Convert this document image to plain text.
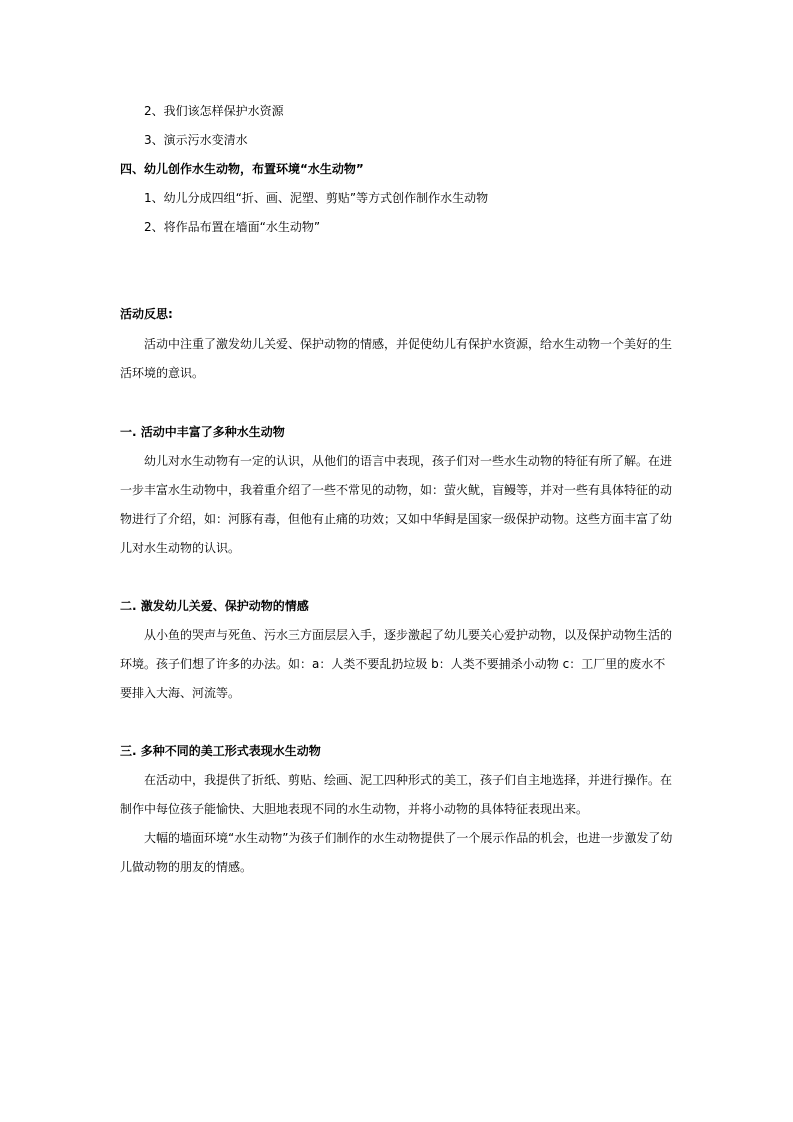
2、我们该怎样保护水资源
3、演示污水变清水
四、幼儿创作水生动物，布置环境“水生动物”
1、幼儿分成四组“折、画、泥塑、剪贴”等方式创作制作水生动物
2、将作品布置在墙面“水生动物”
活动反思:
活动中注重了激发幼儿关爱、保护动物的情感，并促使幼儿有保护水资源，给水生动物一个美好的生
活环境的意识。
一. 活动中丰富了多种水生动物
幼儿对水生动物有一定的认识，从他们的语言中表现，孩子们对一些水生动物的特征有所了解。在进
一步丰富水生动物中，我着重介绍了一些不常见的动物，如：萤火鱿，盲鳗等，并对一些有具体特征的动
物进行了介绍，如：河豚有毒，但他有止痛的功效；又如中华鲟是国家一级保护动物。这些方面丰富了幼
儿对水生动物的认识。
二. 激发幼儿关爱、保护动物的情感
从小鱼的哭声与死鱼、污水三方面层层入手，逐步激起了幼儿要关心爱护动物，以及保护动物生活的
环境。孩子们想了许多的办法。如：a：人类不要乱扔垃圾 b：人类不要捕杀小动物 c：工厂里的废水不
要排入大海、河流等。
三. 多种不同的美工形式表现水生动物
在活动中，我提供了折纸、剪贴、绘画、泥工四种形式的美工，孩子们自主地选择，并进行操作。在
制作中每位孩子能愉快、大胆地表现不同的水生动物，并将小动物的具体特征表现出来。
大幅的墙面环境“水生动物”为孩子们制作的水生动物提供了一个展示作品的机会，也进一步激发了幼
儿做动物的朋友的情感。
